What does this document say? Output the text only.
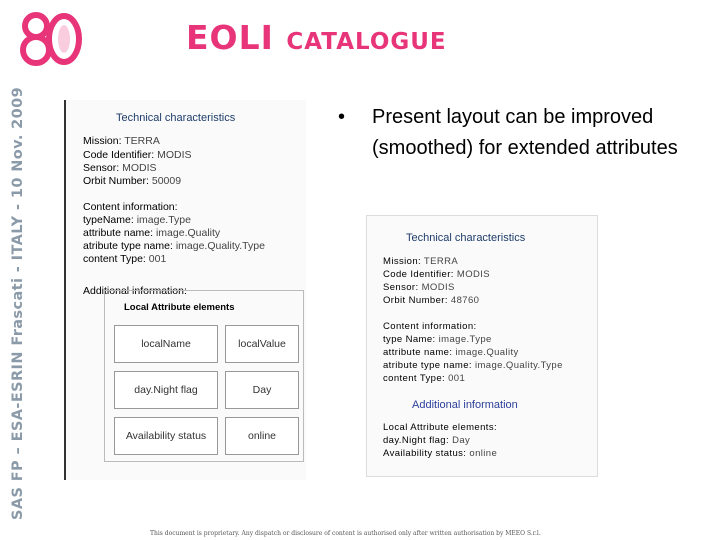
SAS FP – ESA-ESRIN Frascati - ITALY - 10 Nov. 2009
EOLI catalogue
Technical characteristics
Mission: TERRA
Code Identifier: MODIS
Sensor: MODIS
Orbit Number: 50009
Content information:
typeName: image.Type
attribute name: image.Quality
atribute type name: image.Quality.Type
content Type: 001
Additional information:
localName	localValue
day.Night flag	Day
Availability status	online
Local Attribute elements
• Present layout can be improved (smoothed) for extended attributes
Technical characteristics
Mission: TERRA
Code Identifier: MODIS
Sensor: MODIS
Orbit Number: 48760
Content information:
type Name: image.Type
attribute name: image.Quality
atribute type name: image.Quality.Type
content Type: 001
Additional information
Local Attribute elements:
day.Night flag: Day
Availability status: online
This document is proprietary. Any dispatch or disclosure of content is authorised only after written authorisation by MEEO S.r.l.
